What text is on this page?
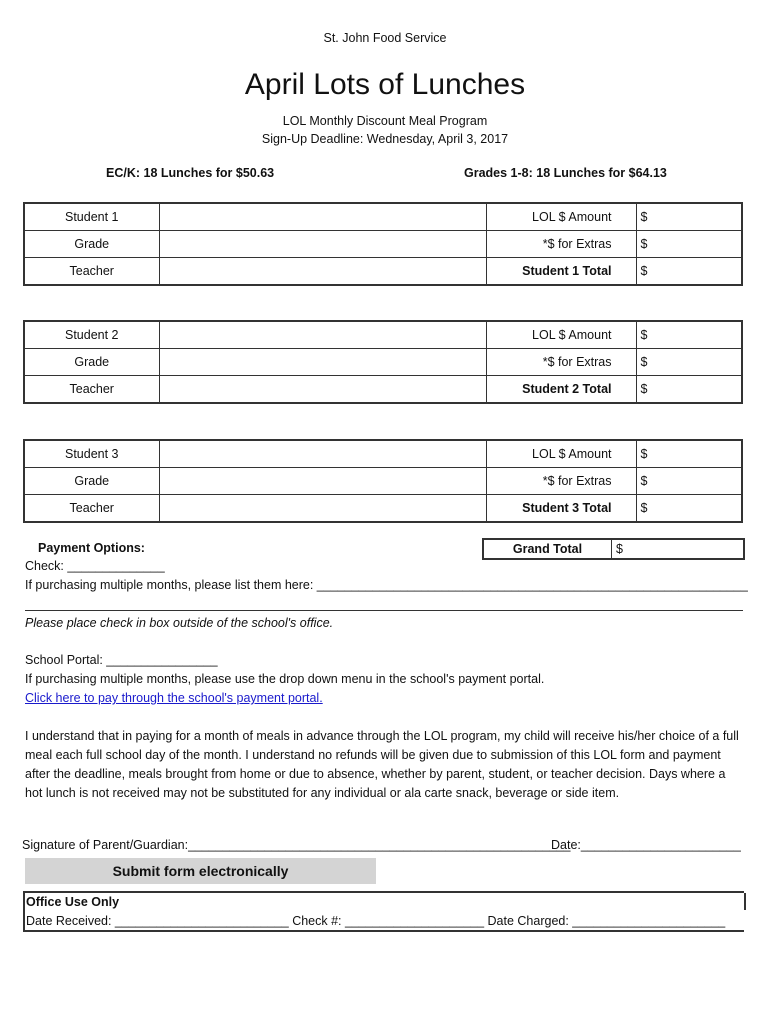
St. John Food Service
April Lots of Lunches
LOL Monthly Discount Meal Program
Sign-Up Deadline: Wednesday, April 3, 2017
EC/K: 18 Lunches for $50.63	Grades 1-8: 18 Lunches for $64.13
Student 1		LOL $ Amount	$
Grade		*$ for Extras	$
Teacher		Student 1 Total	$
Student 2		LOL $ Amount	$
Grade		*$ for Extras	$
Teacher		Student 2 Total	$
Student 3		LOL $ Amount	$
Grade		*$ for Extras	$
Teacher		Student 3 Total	$
Payment Options:	Grand Total	$
Check: ______________
If purchasing multiple months, please list them here: ______________________________________________________________
Please place check in box outside of the school's office.
School Portal: ________________
If purchasing multiple months, please use the drop down menu in the school's payment portal.
Click here to pay through the school's payment portal.
I understand that in paying for a month of meals in advance through the LOL program, my child will receive his/her choice of a full meal each full school day of the month. I understand no refunds will be given due to submission of this LOL form and payment after the deadline, meals brought from home or due to absence, whether by parent, student, or teacher decision. Days where a hot lunch is not received may not be substituted for any individual or ala carte snack, beverage or side item.
Signature of Parent/Guardian:_______________________________________________________
Date:_______________________
Submit form electronically
Office Use Only
Date Received: _________________________ Check #: ____________________ Date Charged: ______________________
